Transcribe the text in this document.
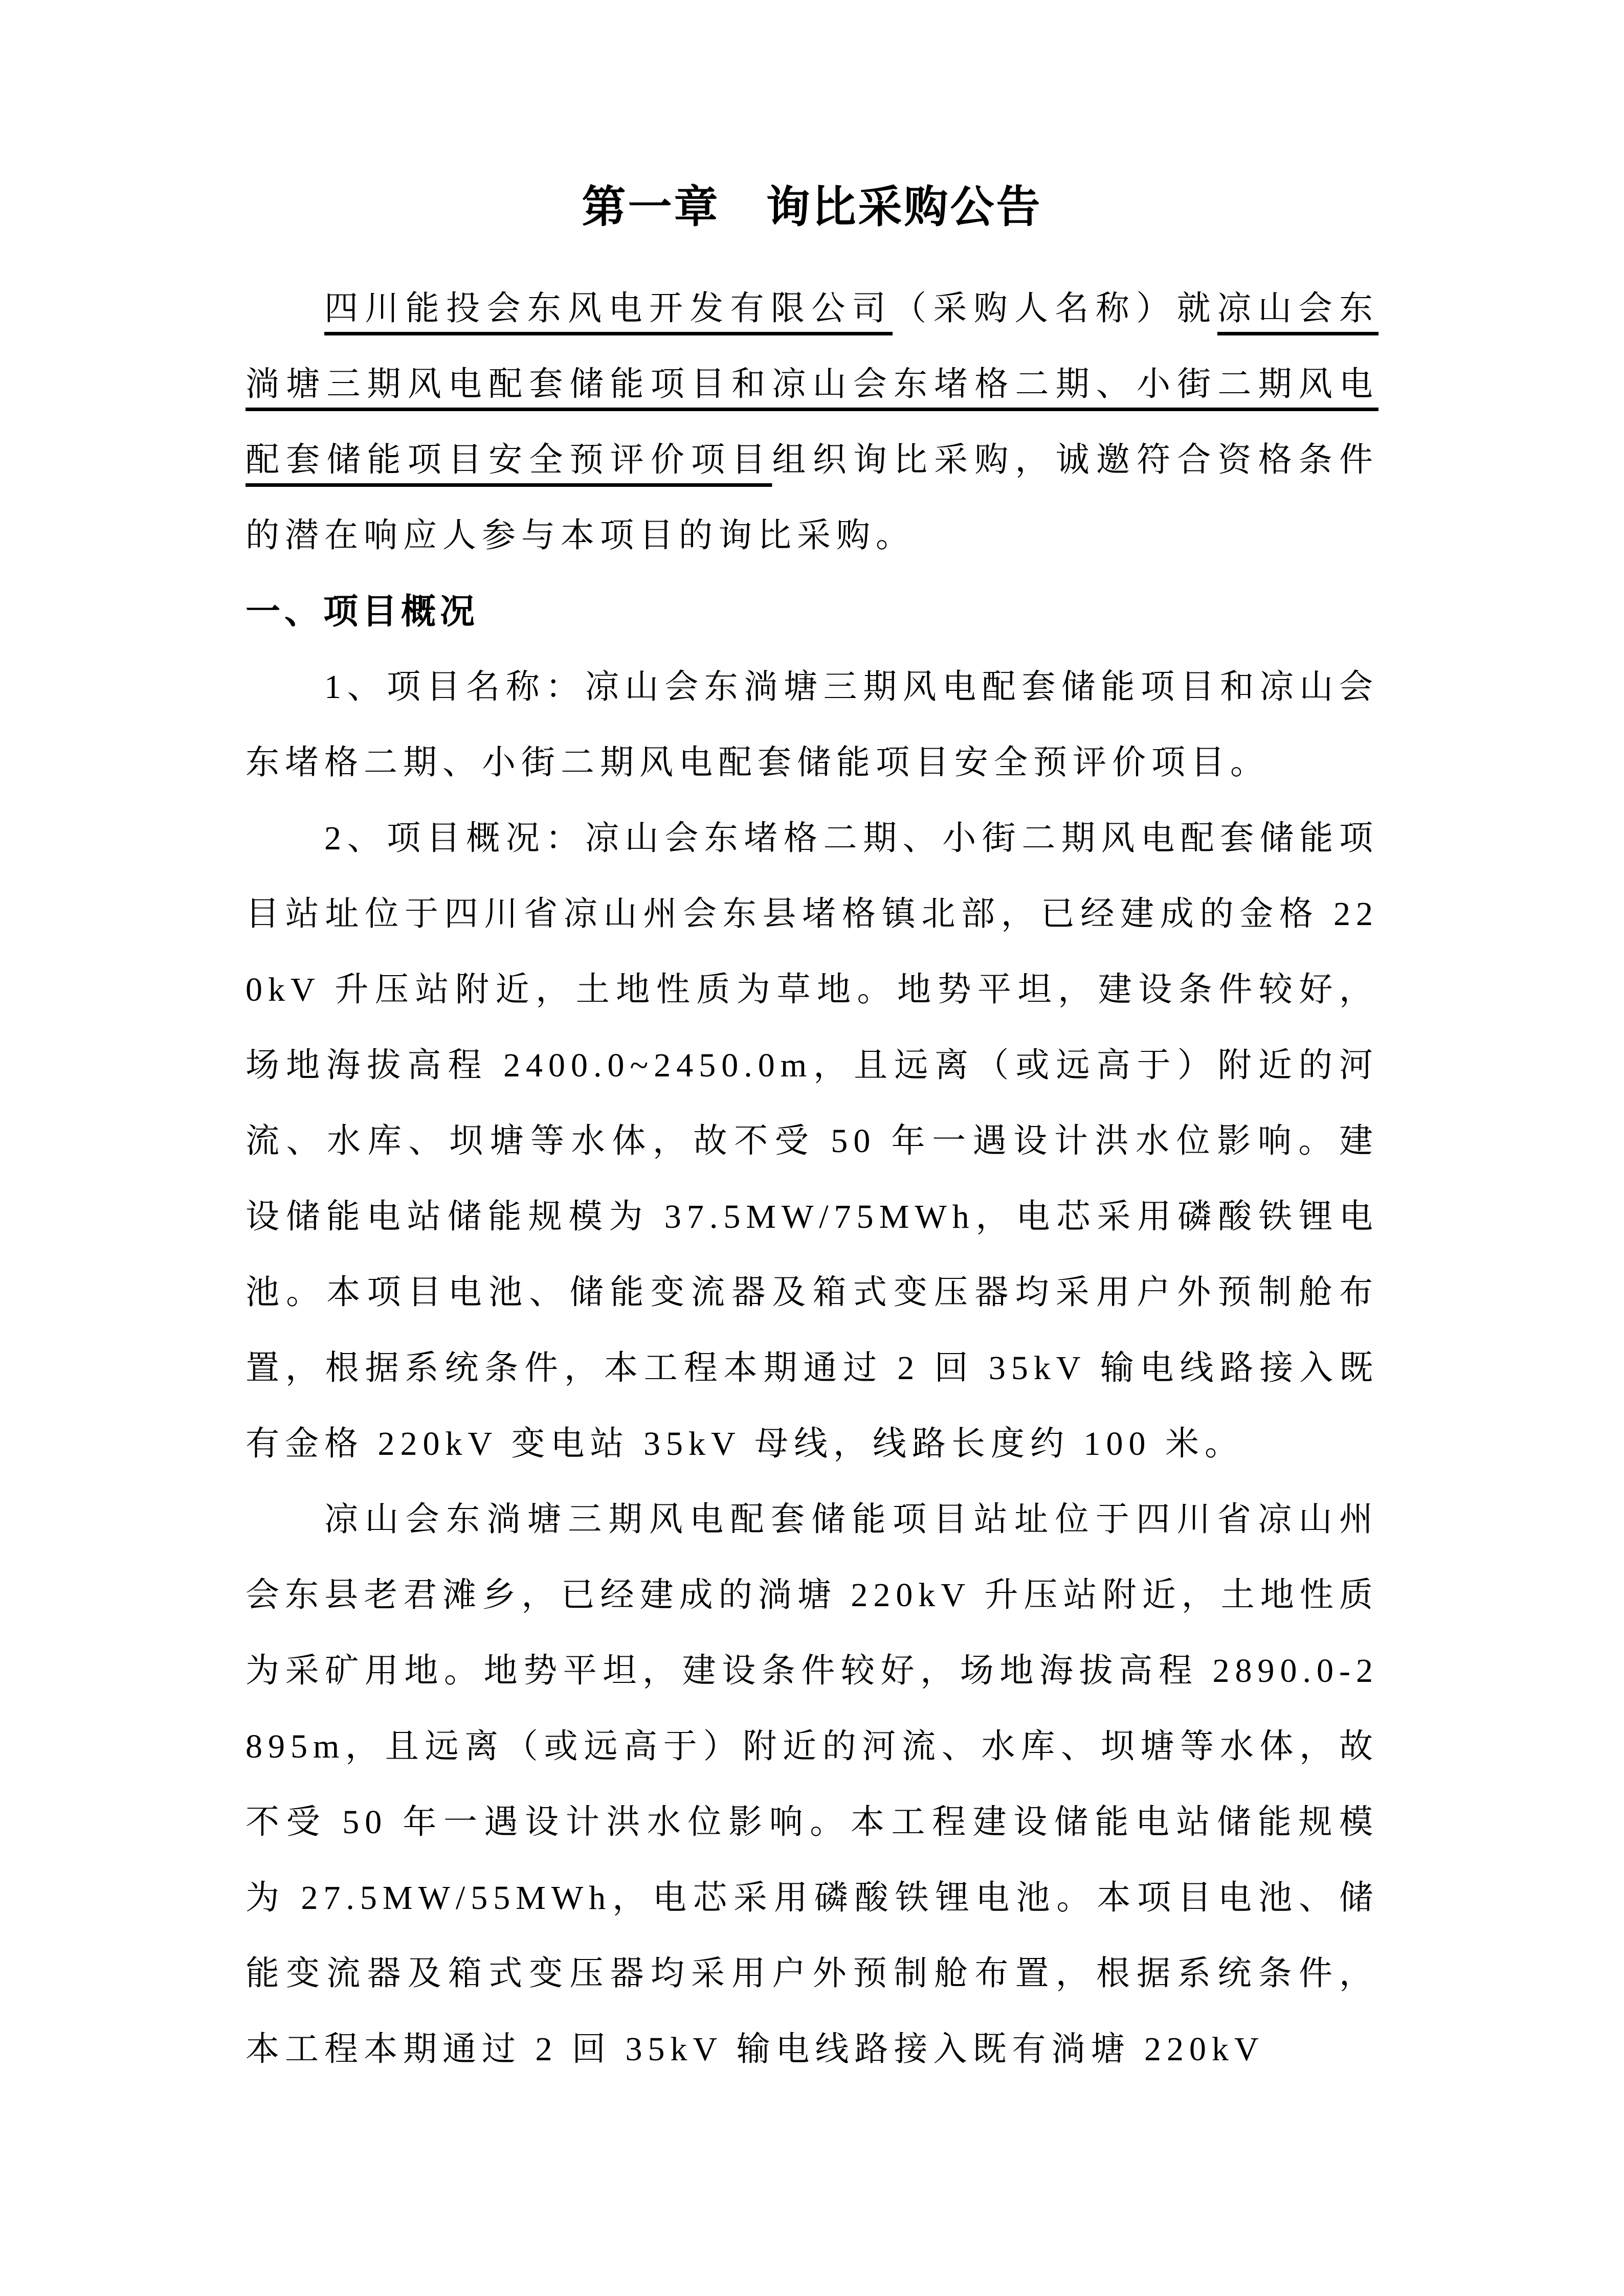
第一章　询比采购公告

四川能投会东风电开发有限公司（采购人名称）就凉山会东淌塘三期风电配套储能项目和凉山会东堵格二期、小街二期风电配套储能项目安全预评价项目组织询比采购，诚邀符合资格条件的潜在响应人参与本项目的询比采购。

一、项目概况

1、项目名称：凉山会东淌塘三期风电配套储能项目和凉山会东堵格二期、小街二期风电配套储能项目安全预评价项目。

2、项目概况：凉山会东堵格二期、小街二期风电配套储能项目站址位于四川省凉山州会东县堵格镇北部，已经建成的金格 220kV 升压站附近，土地性质为草地。地势平坦，建设条件较好，场地海拔高程 2400.0~2450.0m，且远离（或远高于）附近的河流、水库、坝塘等水体，故不受 50 年一遇设计洪水位影响。建设储能电站储能规模为 37.5MW/75MWh，电芯采用磷酸铁锂电池。本项目电池、储能变流器及箱式变压器均采用户外预制舱布置，根据系统条件，本工程本期通过 2 回 35kV 输电线路接入既有金格 220kV 变电站 35kV 母线，线路长度约 100 米。

凉山会东淌塘三期风电配套储能项目站址位于四川省凉山州会东县老君滩乡，已经建成的淌塘 220kV 升压站附近，土地性质为采矿用地。地势平坦，建设条件较好，场地海拔高程 2890.0-2895m，且远离（或远高于）附近的河流、水库、坝塘等水体，故不受 50 年一遇设计洪水位影响。本工程建设储能电站储能规模为 27.5MW/55MWh，电芯采用磷酸铁锂电池。本项目电池、储能变流器及箱式变压器均采用户外预制舱布置，根据系统条件，本工程本期通过 2 回 35kV 输电线路接入既有淌塘 220kV
